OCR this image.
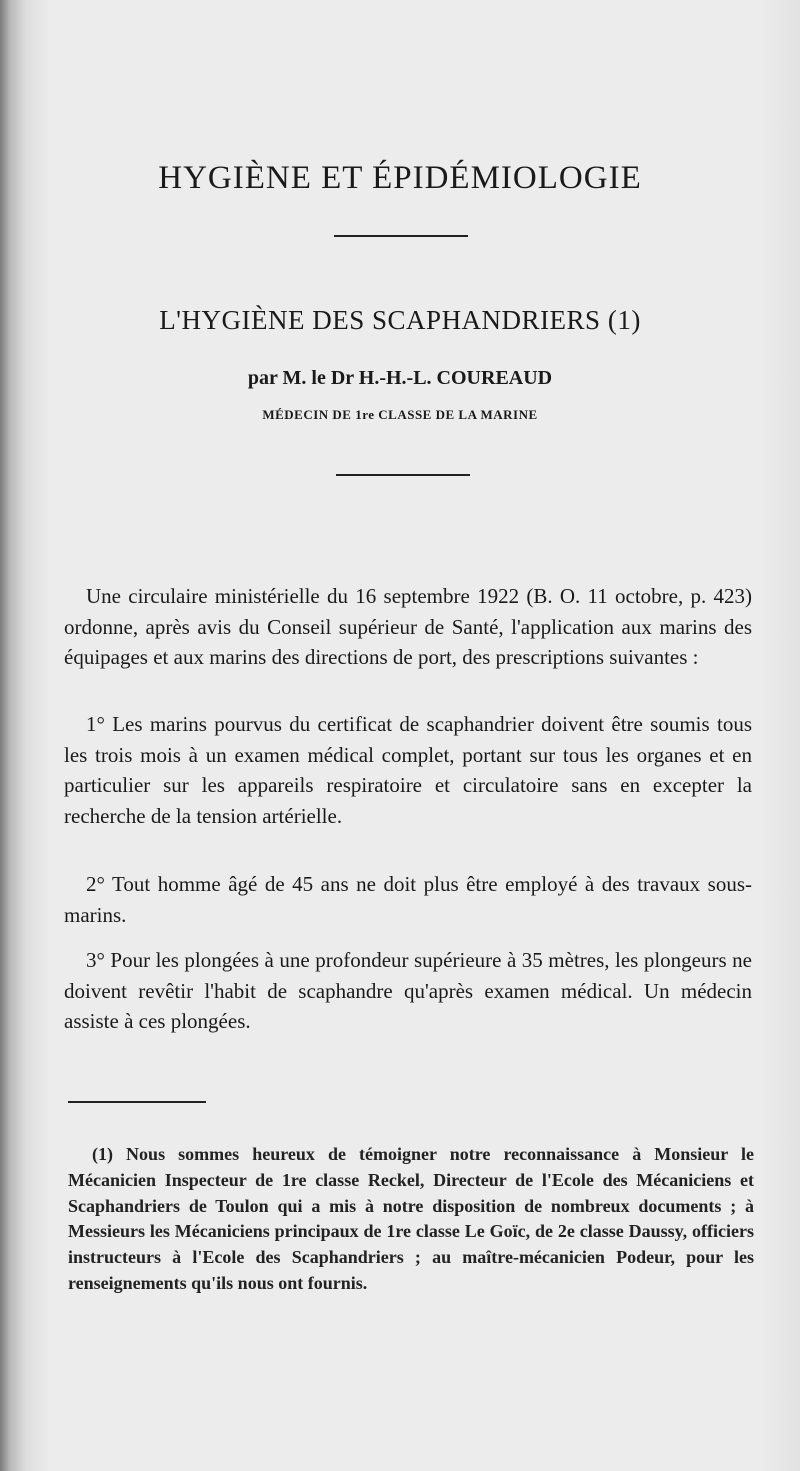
HYGIÈNE ET ÉPIDÉMIOLOGIE
L'HYGIÈNE DES SCAPHANDRIERS (1)
par M. le Dr H.-H.-L. COUREAUD
MÉDECIN DE 1re CLASSE DE LA MARINE

Une circulaire ministérielle du 16 septembre 1922 (B. O. 11 octobre, p. 423) ordonne, après avis du Conseil supérieur de Santé, l'application aux marins des équipages et aux marins des directions de port, des prescriptions suivantes :

1° Les marins pourvus du certificat de scaphandrier doivent être soumis tous les trois mois à un examen médical complet, portant sur tous les organes et en particulier sur les appareils respiratoire et circulatoire sans en excepter la recherche de la tension artérielle.

2° Tout homme âgé de 45 ans ne doit plus être employé à des travaux sous-marins.

3° Pour les plongées à une profondeur supérieure à 35 mètres, les plongeurs ne doivent revêtir l'habit de scaphandre qu'après examen médical. Un médecin assiste à ces plongées.

(1) Nous sommes heureux de témoigner notre reconnaissance à Monsieur le Mécanicien Inspecteur de 1re classe Reckel, Directeur de l'Ecole des Mécaniciens et Scaphandriers de Toulon qui a mis à notre disposition de nombreux documents ; à Messieurs les Mécaniciens principaux de 1re classe Le Goïc, de 2e classe Daussy, officiers instructeurs à l'Ecole des Scaphandriers ; au maître-mécanicien Podeur, pour les renseignements qu'ils nous ont fournis.
